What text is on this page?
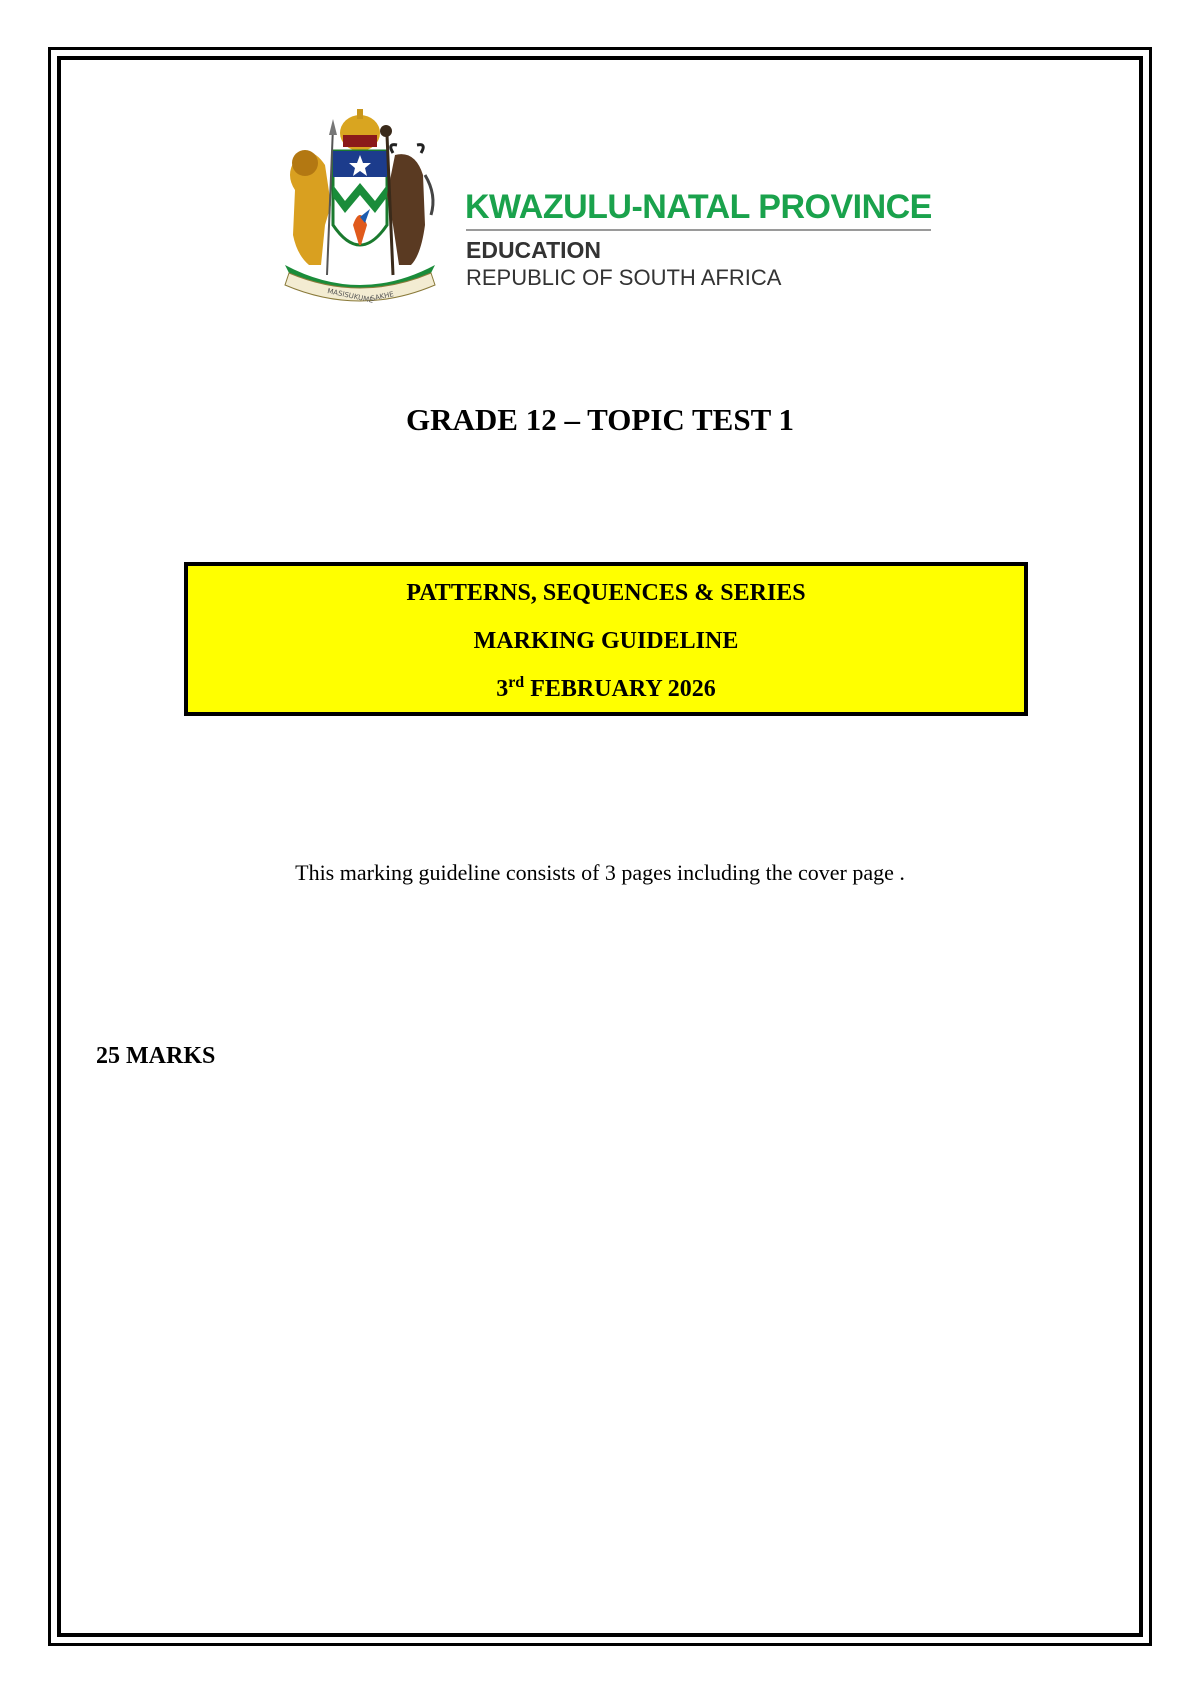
MASISUKUME
SAKHE
KWAZULU-NATAL PROVINCE
EDUCATION
REPUBLIC OF SOUTH AFRICA
GRADE 12 – TOPIC TEST 1
PATTERNS, SEQUENCES & SERIES
MARKING GUIDELINE
3rd FEBRUARY 2026
This marking guideline consists of 3 pages including the cover page .
25 MARKS
